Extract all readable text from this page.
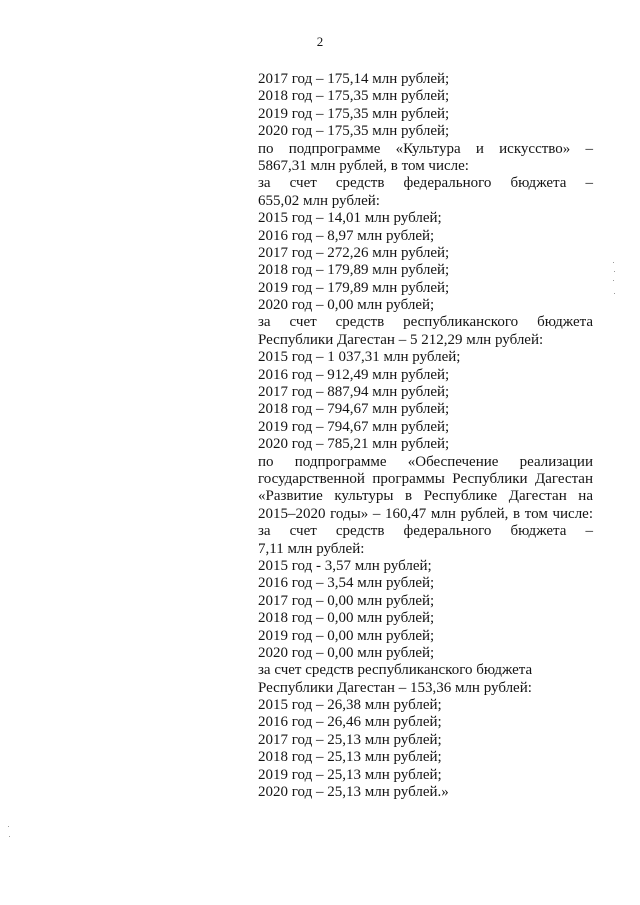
2
2017 год – 175,14 млн рублей;
2018 год – 175,35 млн рублей;
2019 год – 175,35 млн рублей;
2020 год – 175,35 млн рублей;
по подпрограмме «Культура и искусство» –
5867,31 млн рублей, в том числе:
за счет средств федерального бюджета –
655,02 млн рублей:
2015 год – 14,01 млн рублей;
2016 год – 8,97 млн рублей;
2017 год – 272,26 млн рублей;
2018 год – 179,89 млн рублей;
2019 год – 179,89 млн рублей;
2020 год – 0,00 млн рублей;
за счет средств республиканского бюджета
Республики Дагестан – 5 212,29 млн рублей:
2015 год – 1 037,31 млн рублей;
2016 год – 912,49 млн рублей;
2017 год – 887,94 млн рублей;
2018 год – 794,67 млн рублей;
2019 год – 794,67 млн рублей;
2020 год – 785,21 млн рублей;
по подпрограмме «Обеспечение реализации
государственной программы Республики Дагестан
«Развитие культуры в Республике Дагестан на
2015–2020 годы» – 160,47 млн рублей, в том числе:
за счет средств федерального бюджета –
7,11 млн рублей:
2015 год - 3,57 млн рублей;
2016 год – 3,54 млн рублей;
2017 год – 0,00 млн рублей;
2018 год – 0,00 млн рублей;
2019 год – 0,00 млн рублей;
2020 год – 0,00 млн рублей;
за счет средств республиканского бюджета
Республики Дагестан – 153,36 млн рублей:
2015 год – 26,38 млн рублей;
2016 год – 26,46 млн рублей;
2017 год – 25,13 млн рублей;
2018 год – 25,13 млн рублей;
2019 год – 25,13 млн рублей;
2020 год – 25,13 млн рублей.»
